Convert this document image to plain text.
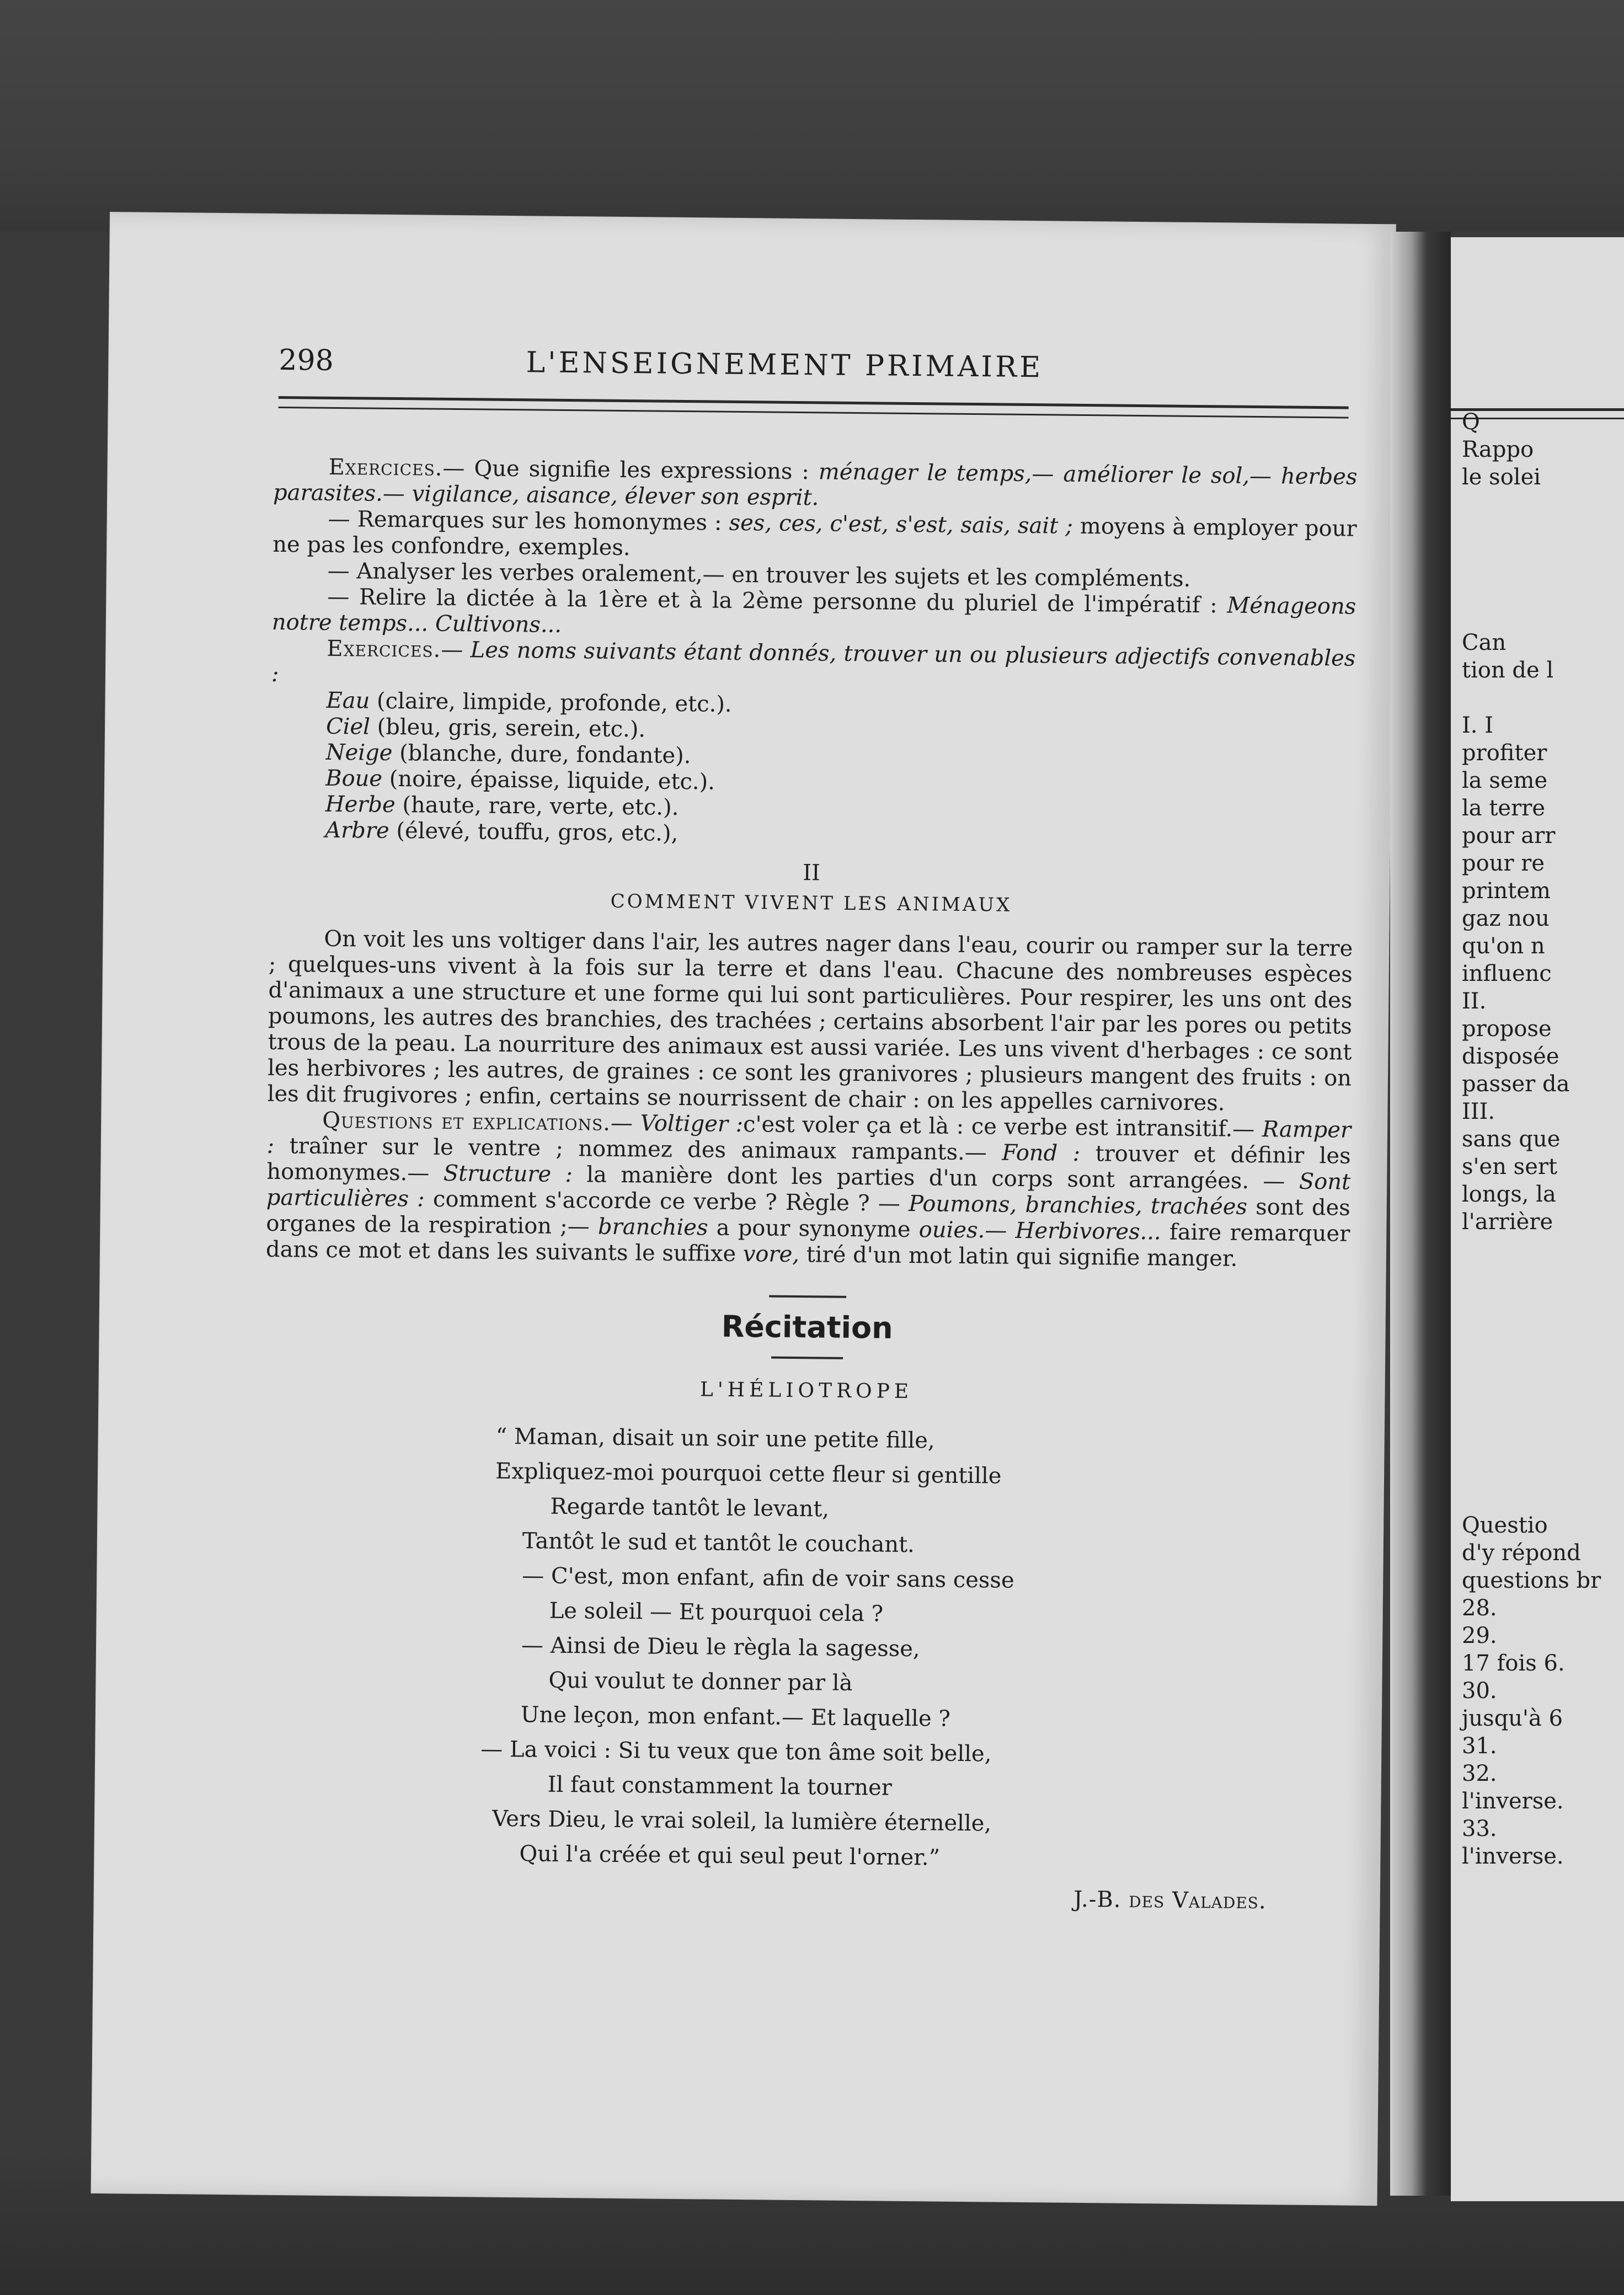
298	L'ENSEIGNEMENT PRIMAIRE

Exercices.— Que signifie les expressions : ménager le temps,— améliorer le sol,— herbes parasites.— vigilance, aisance, élever son esprit.

— Remarques sur les homonymes : ses, ces, c'est, s'est, sais, sait ; moyens à employer pour ne pas les confondre, exemples.

— Analyser les verbes oralement,— en trouver les sujets et les compléments.

— Relire la dictée à la 1ère et à la 2ème personne du pluriel de l'impératif : Ménageons notre temps... Cultivons...

Exercices.— Les noms suivants étant donnés, trouver un ou plusieurs adjectifs convenables :

Eau (claire, limpide, profonde, etc.).
Ciel (bleu, gris, serein, etc.).
Neige (blanche, dure, fondante).
Boue (noire, épaisse, liquide, etc.).
Herbe (haute, rare, verte, etc.).
Arbre (élevé, touffu, gros, etc.),
II
COMMENT VIVENT LES ANIMAUX

On voit les uns voltiger dans l'air, les autres nager dans l'eau, courir ou ramper sur la terre ; quelques-uns vivent à la fois sur la terre et dans l'eau. Chacune des nombreuses espèces d'animaux a une structure et une forme qui lui sont particulières. Pour respirer, les uns ont des poumons, les autres des branchies, des trachées ; certains absorbent l'air par les pores ou petits trous de la peau. La nourriture des animaux est aussi variée. Les uns vivent d'herbages : ce sont les herbivores ; les autres, de graines : ce sont les granivores ; plusieurs mangent des fruits : on les dit frugivores ; enfin, certains se nourrissent de chair : on les appelles carnivores.

Questions et explications.— Voltiger :c'est voler ça et là : ce verbe est intransitif.— Ramper : traîner sur le ventre ; nommez des animaux rampants.— Fond : trouver et définir les homonymes.— Structure : la manière dont les parties d'un corps sont arrangées. — Sont particulières : comment s'accorde ce verbe ? Règle ? — Poumons, branchies, trachées sont des organes de la respiration ;— branchies a pour synonyme ouies.— Herbivores... faire remarquer dans ce mot et dans les suivants le suffixe vore, tiré d'un mot latin qui signifie manger.

Récitation
L'HÉLIOTROPE
“ Maman, disait un soir une petite fille,
Expliquez-moi pourquoi cette fleur si gentille
Regarde tantôt le levant,
Tantôt le sud et tantôt le couchant.
— C'est, mon enfant, afin de voir sans cesse
Le soleil — Et pourquoi cela ?
— Ainsi de Dieu le règla la sagesse,
Qui voulut te donner par là
Une leçon, mon enfant.— Et laquelle ?
— La voici : Si tu veux que ton âme soit belle,
Il faut constamment la tourner
Vers Dieu, le vrai soleil, la lumière éternelle,
Qui l'a créée et qui seul peut l'orner.”
J.-B. des Valades.
Q
Rappo
le solei
Can
tion de l
I. I
profiter
la seme
la terre
pour arr
pour re
printem
gaz nou
qu'on n
influenc
II.
propose
disposée
passer da
III.
sans que
s'en sert
longs, la
l'arrière
Questio
d'y répond
questions br
28.
29.
17 fois 6.
30.
jusqu'à 6
31.
32.
l'inverse.
33.
l'inverse.
